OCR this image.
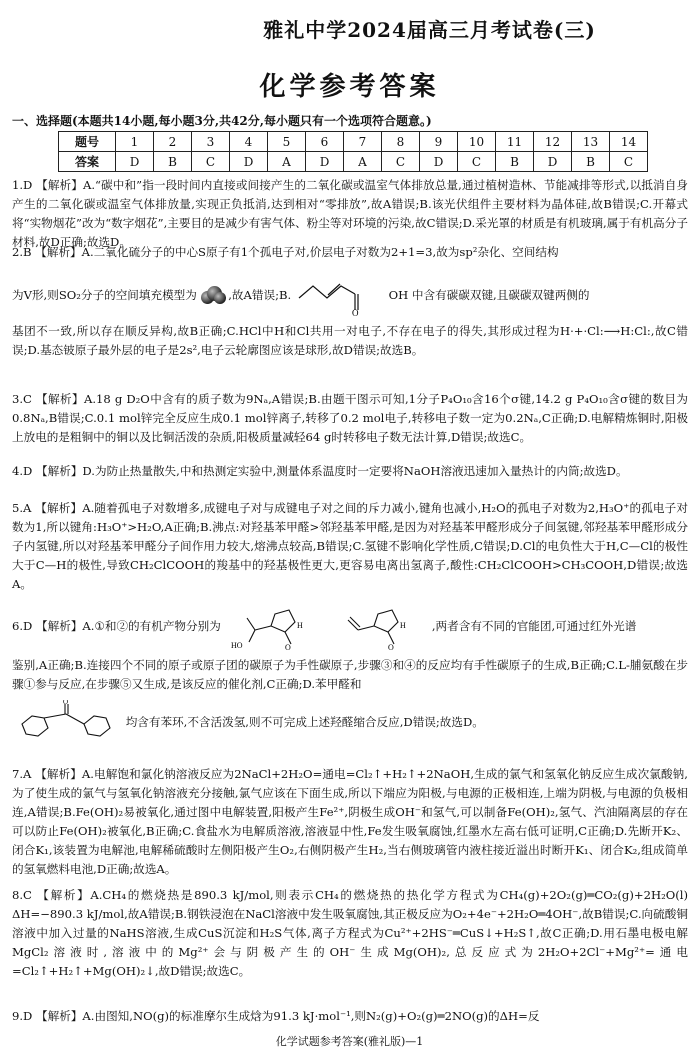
雅礼中学2024届高三月考试卷(三)
化学参考答案
一、选择题(本题共14小题,每小题3分,共42分,每小题只有一个选项符合题意。)
题号	1	2	3	4	5	6	7	8	9	10	11	12	13	14
答案	D	B	C	D	A	D	A	C	D	C	B	D	B	C

1.D 【解析】A.“碳中和”指一段时间内直接或间接产生的二氧化碳或温室气体排放总量,通过植树造林、节能减排等形式,以抵消自身产生的二氧化碳或温室气体排放量,实现正负抵消,达到相对“零排放”,故A错误;B.该光伏组件主要材料为晶体硅,故B错误;C.开幕式将“实物烟花”改为“数字烟花”,主要目的是减少有害气体、粉尘等对环境的污染,故C错误;D.采光罩的材质是有机玻璃,属于有机高分子材料,故D正确;故选D。

2.B 【解析】A.二氧化硫分子的中心S原子有1个孤电子对,价层电子对数为2+1=3,故为sp²杂化、空间结构

为V形,则SO₂分子的空间填充模型为	,故A错误;B.
O
OH 中含有碳碳双键,且碳碳双键两侧的

基团不一致,所以存在顺反异构,故B正确;C.HCl中H和Cl共用一对电子,不存在电子的得失,其形成过程为H·+·Cl:⟶H:Cl:,故C错误;D.基态铍原子最外层的电子是2s²,电子云轮廓图应该是球形,故D错误;故选B。

3.C 【解析】A.18 g D₂O中含有的质子数为9Nₐ,A错误;B.由题干图示可知,1分子P₄O₁₀含16个σ键,14.2 g P₄O₁₀含σ键的数目为0.8Nₐ,B错误;C.0.1 mol锌完全反应生成0.1 mol锌离子,转移了0.2 mol电子,转移电子数一定为0.2Nₐ,C正确;D.电解精炼铜时,阳极上放电的是粗铜中的铜以及比铜活泼的杂质,阳极质量减轻64 g时转移电子数无法计算,D错误;故选C。

4.D 【解析】D.为防止热量散失,中和热测定实验中,测量体系温度时一定要将NaOH溶液迅速加入量热计的内筒;故选D。

5.A 【解析】A.随着孤电子对数增多,成键电子对与成键电子对之间的斥力减小,键角也减小,H₂O的孤电子对数为2,H₃O⁺的孤电子对数为1,所以键角:H₃O⁺>H₂O,A正确;B.沸点:对羟基苯甲醛>邻羟基苯甲醛,是因为对羟基苯甲醛形成分子间氢键,邻羟基苯甲醛形成分子内氢键,所以对羟基苯甲醛分子间作用力较大,熔沸点较高,B错误;C.氢键不影响化学性质,C错误;D.Cl的电负性大于H,C—Cl的极性大于C—H的极性,导致CH₂ClCOOH的羧基中的羟基极性更大,更容易电离出氢离子,酸性:CH₂ClCOOH>CH₃COOH,D错误;故选A。

6.D 【解析】A.①和②的有机产物分别为
HO
H
O

H
O
,两者含有不同的官能团,可通过红外光谱

鉴别,A正确;B.连接四个不同的原子或原子团的碳原子为手性碳原子,步骤③和④的反应均有手性碳原子的生成,B正确;C.L-脯氨酸在步骤①参与反应,在步骤⑤又生成,是该反应的催化剂,C正确;D.苯甲醛和

O
均含有苯环,不含活泼氢,则不可完成上述羟醛缩合反应,D错误;故选D。

7.A 【解析】A.电解饱和氯化钠溶液反应为2NaCl+2H₂O=通电=Cl₂↑+H₂↑+2NaOH,生成的氯气和氢氧化钠反应生成次氯酸钠,为了使生成的氯气与氢氧化钠溶液充分接触,氯气应该在下面生成,所以下端应为阳极,与电源的正极相连,上端为阴极,与电源的负极相连,A错误;B.Fe(OH)₂易被氧化,通过图中电解装置,阳极产生Fe²⁺,阴极生成OH⁻和氢气,可以制备Fe(OH)₂,氢气、汽油隔离层的存在可以防止Fe(OH)₂被氧化,B正确;C.食盐水为电解质溶液,溶液显中性,Fe发生吸氧腐蚀,红墨水左高右低可证明,C正确;D.先断开K₂、闭合K₁,该装置为电解池,电解稀硫酸时左侧阳极产生O₂,右侧阴极产生H₂,当右侧玻璃管内液柱接近溢出时断开K₁、闭合K₂,组成简单的氢氧燃料电池,D正确;故选A。

8.C 【解析】A.CH₄的燃烧热是890.3 kJ/mol,则表示CH₄的燃烧热的热化学方程式为CH₄(g)+2O₂(g)═CO₂(g)+2H₂O(l) ΔH=−890.3 kJ/mol,故A错误;B.钢铁浸泡在NaCl溶液中发生吸氧腐蚀,其正极反应为O₂+4e⁻+2H₂O═4OH⁻,故B错误;C.向硫酸铜溶液中加入过量的NaHS溶液,生成CuS沉淀和H₂S气体,离子方程式为Cu²⁺+2HS⁻═CuS↓+H₂S↑,故C正确;D.用石墨电极电解MgCl₂溶液时,溶液中的Mg²⁺会与阴极产生的OH⁻生成Mg(OH)₂,总反应式为2H₂O+2Cl⁻+Mg²⁺=通电=Cl₂↑+H₂↑+Mg(OH)₂↓,故D错误;故选C。

9.D 【解析】A.由图知,NO(g)的标准摩尔生成焓为91.3 kJ·mol⁻¹,则N₂(g)+O₂(g)═2NO(g)的ΔH=反

化学试题参考答案(雅礼版)—1
